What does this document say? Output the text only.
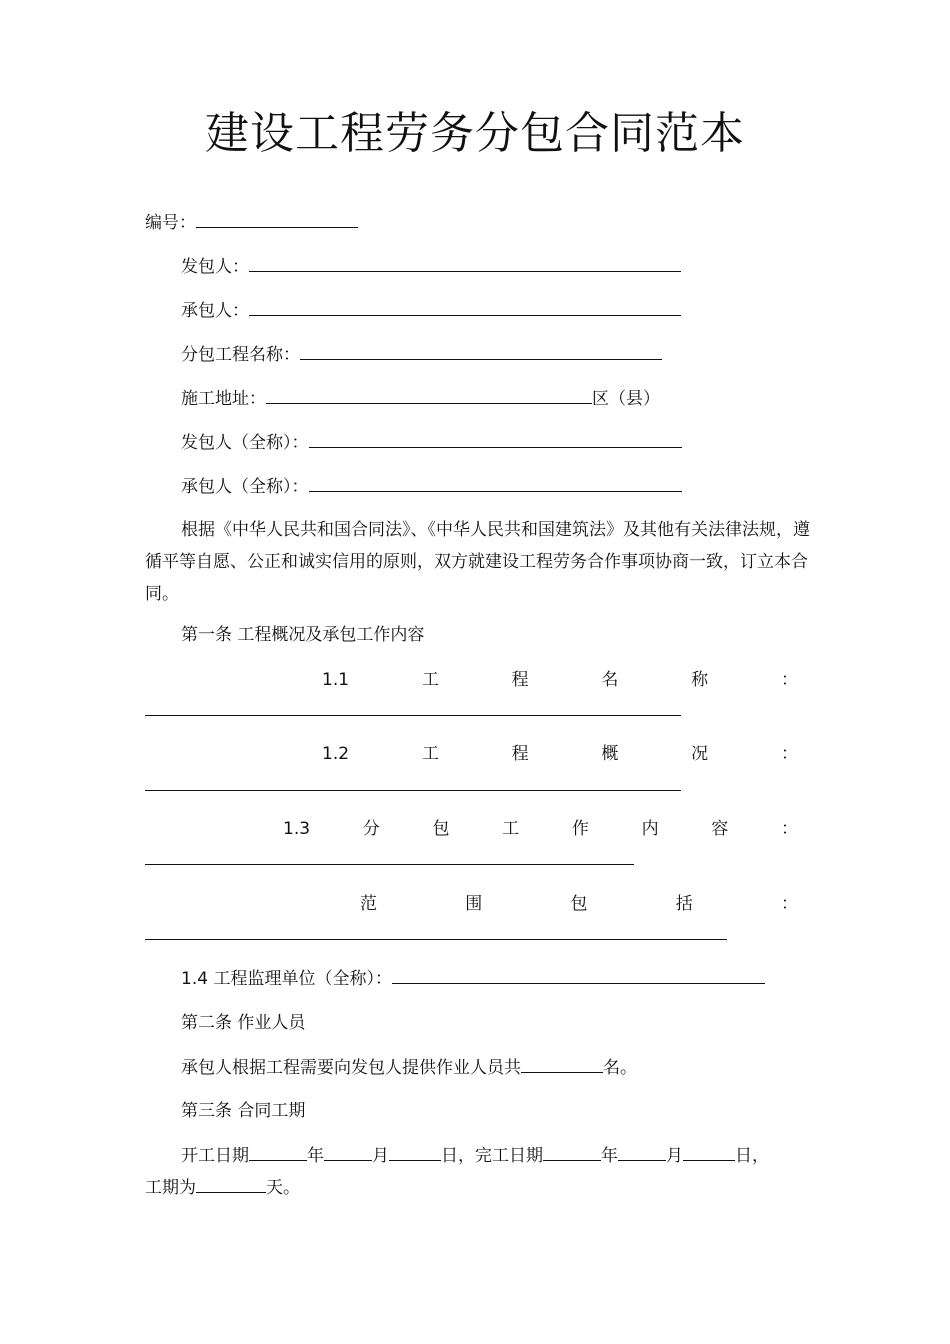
建设工程劳务分包合同范本
编号：
发包人：
承包人：
分包工程名称：
施工地址：	区（县）
发包人（全称）：
承包人（全称）：
根据《中华人民共和国合同法》、《中华人民共和国建筑法》及其他有关法律法规，遵循平等自愿、公正和诚实信用的原则，双方就建设工程劳务合作事项协商一致，订立本合同。
第一条 工程概况及承包工作内容
1.1	工	程	名	称	：
1.2	工	程	概	况	：
1.3	分	包	工	作	内	容	：
范	围	包	括	：
1.4 工程监理单位（全称）：
第二条 作业人员
承包人根据工程需要向发包人提供作业人员共	名。
第三条 合同工期
开工日期	年	月	日，完工日期	年	月	日，
工期为	天。
